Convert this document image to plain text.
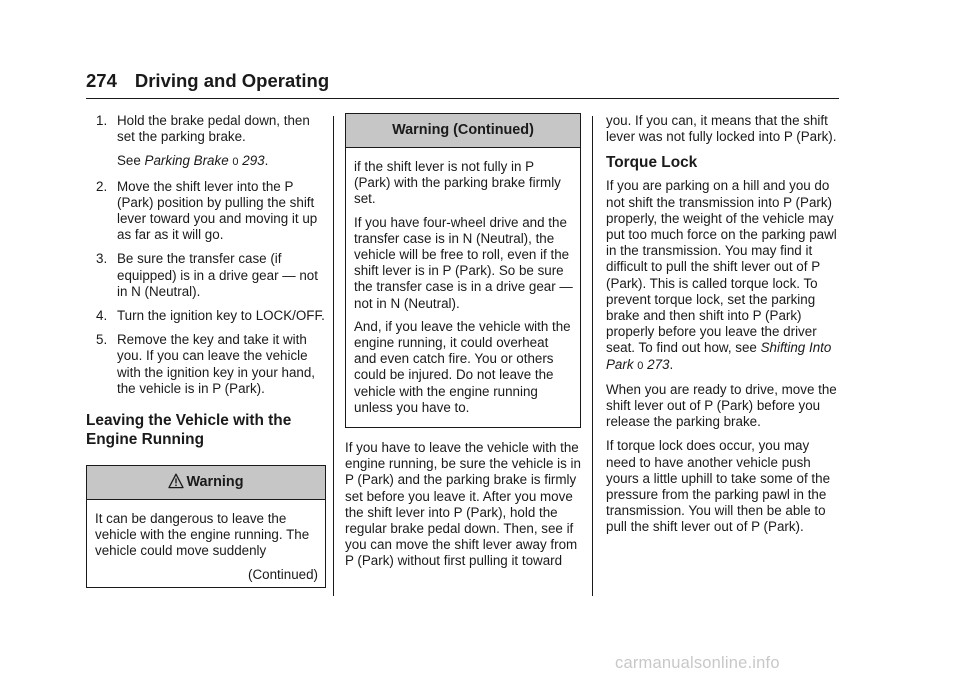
274 Driving and Operating
1. Hold the brake pedal down, then set the parking brake.

See Parking Brake 0 293.

2. Move the shift lever into the P (Park) position by pulling the shift lever toward you and moving it up as far as it will go.
3. Be sure the transfer case (if equipped) is in a drive gear — not in N (Neutral).
4. Turn the ignition key to LOCK/OFF.
5. Remove the key and take it with you. If you can leave the vehicle with the ignition key in your hand, the vehicle is in P (Park).
Leaving the Vehicle with the Engine Running
Warning

It can be dangerous to leave the vehicle with the engine running. The vehicle could move suddenly

(Continued)
Warning (Continued)

if the shift lever is not fully in P (Park) with the parking brake firmly set.

If you have four-wheel drive and the transfer case is in N (Neutral), the vehicle will be free to roll, even if the shift lever is in P (Park). So be sure the transfer case is in a drive gear — not in N (Neutral).

And, if you leave the vehicle with the engine running, it could overheat and even catch fire. You or others could be injured. Do not leave the vehicle with the engine running unless you have to.

If you have to leave the vehicle with the engine running, be sure the vehicle is in P (Park) and the parking brake is firmly set before you leave it. After you move the shift lever into P (Park), hold the regular brake pedal down. Then, see if you can move the shift lever away from P (Park) without first pulling it toward

you. If you can, it means that the shift lever was not fully locked into P (Park).

Torque Lock

If you are parking on a hill and you do not shift the transmission into P (Park) properly, the weight of the vehicle may put too much force on the parking pawl in the transmission. You may find it difficult to pull the shift lever out of P (Park). This is called torque lock. To prevent torque lock, set the parking brake and then shift into P (Park) properly before you leave the driver seat. To find out how, see Shifting Into Park 0 273.

When you are ready to drive, move the shift lever out of P (Park) before you release the parking brake.

If torque lock does occur, you may need to have another vehicle push yours a little uphill to take some of the pressure from the parking pawl in the transmission. You will then be able to pull the shift lever out of P (Park).

carmanualsonline.info
